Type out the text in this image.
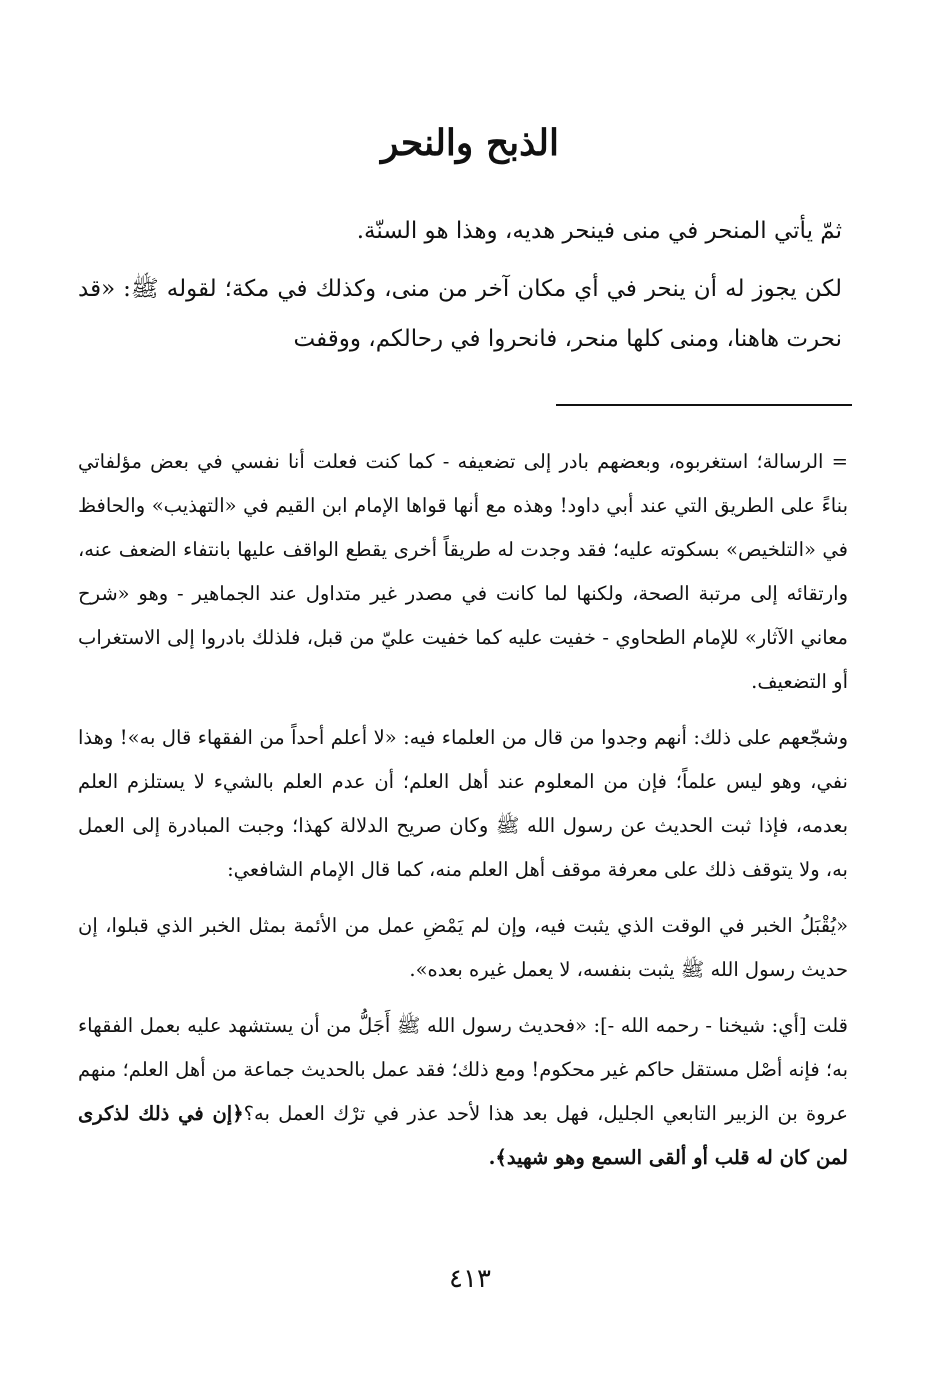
الذبح والنحر

ثمّ يأتي المنحر في منى فينحر هديه، وهذا هو السنّة.

لكن يجوز له أن ينحر في أي مكان آخر من منى، وكذلك في مكة؛ لقوله ﷺ: «قد نحرت هاهنا، ومنى كلها منحر، فانحروا في رحالكم، ووقفت

= الرسالة؛ استغربوه، وبعضهم بادر إلى تضعيفه - كما كنت فعلت أنا نفسي في بعض مؤلفاتي بناءً على الطريق التي عند أبي داود! وهذه مع أنها قواها الإمام ابن القيم في «التهذيب» والحافظ في «التلخيص» بسكوته عليه؛ فقد وجدت له طريقاً أخرى يقطع الواقف عليها بانتفاء الضعف عنه، وارتقائه إلى مرتبة الصحة، ولكنها لما كانت في مصدر غير متداول عند الجماهير - وهو «شرح معاني الآثار» للإمام الطحاوي - خفيت عليه كما خفيت عليّ من قبل، فلذلك بادروا إلى الاستغراب أو التضعيف.

وشجّعهم على ذلك: أنهم وجدوا من قال من العلماء فيه: «لا أعلم أحداً من الفقهاء قال به»! وهذا نفي، وهو ليس علماً؛ فإن من المعلوم عند أهل العلم؛ أن عدم العلم بالشيء لا يستلزم العلم بعدمه، فإذا ثبت الحديث عن رسول الله ﷺ وكان صريح الدلالة كهذا؛ وجبت المبادرة إلى العمل به، ولا يتوقف ذلك على معرفة موقف أهل العلم منه، كما قال الإمام الشافعي:

«يُقْبَلُ الخبر في الوقت الذي يثبت فيه، وإن لم يَمْضِ عمل من الأئمة بمثل الخبر الذي قبلوا، إن حديث رسول الله ﷺ يثبت بنفسه، لا يعمل غيره بعده».

قلت [أي: شيخنا - رحمه الله -]: «فحديث رسول الله ﷺ أَجَلُّ من أن يستشهد عليه بعمل الفقهاء به؛ فإنه أصْل مستقل حاكم غير محكوم! ومع ذلك؛ فقد عمل بالحديث جماعة من أهل العلم؛ منهم عروة بن الزبير التابعي الجليل، فهل بعد هذا لأحد عذر في ترْك العمل به؟﴿إن في ذلك لذكرى لمن كان له قلب أو ألقى السمع وهو شهيد﴾.

٤١٣
